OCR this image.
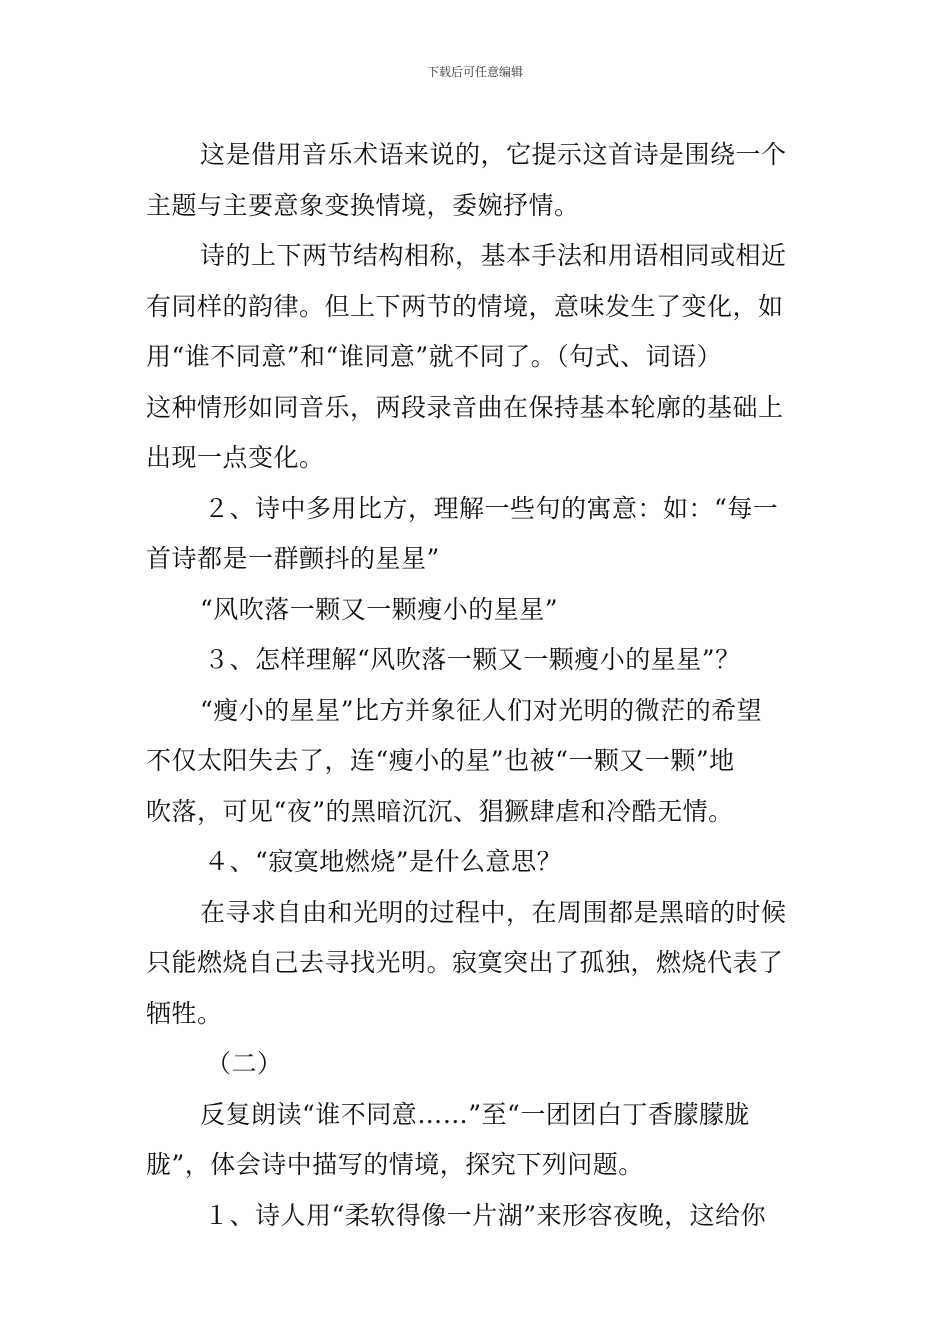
下载后可任意编辑
这是借用音乐术语来说的，它提示这首诗是围绕一个
主题与主要意象变换情境，委婉抒情。
诗的上下两节结构相称，基本手法和用语相同或相近
有同样的韵律。但上下两节的情境，意味发生了变化，如
用“谁不同意”和“谁同意”就不同了。（句式、词语）
这种情形如同音乐，两段录音曲在保持基本轮廓的基础上
出现一点变化。
２、诗中多用比方，理解一些句的寓意：如：“每一
首诗都是一群颤抖的星星”
“风吹落一颗又一颗瘦小的星星”
３、怎样理解“风吹落一颗又一颗瘦小的星星”？
“瘦小的星星”比方并象征人们对光明的微茫的希望
不仅太阳失去了，连“瘦小的星”也被“一颗又一颗”地
吹落，可见“夜”的黑暗沉沉、猖獗肆虐和冷酷无情。
４、“寂寞地燃烧”是什么意思？
在寻求自由和光明的过程中，在周围都是黑暗的时候
只能燃烧自己去寻找光明。寂寞突出了孤独，燃烧代表了
牺牲。
（二）
反复朗读“谁不同意……”至“一团团白丁香朦朦胧
胧”，体会诗中描写的情境，探究下列问题。
１、诗人用“柔软得像一片湖”来形容夜晚，这给你
